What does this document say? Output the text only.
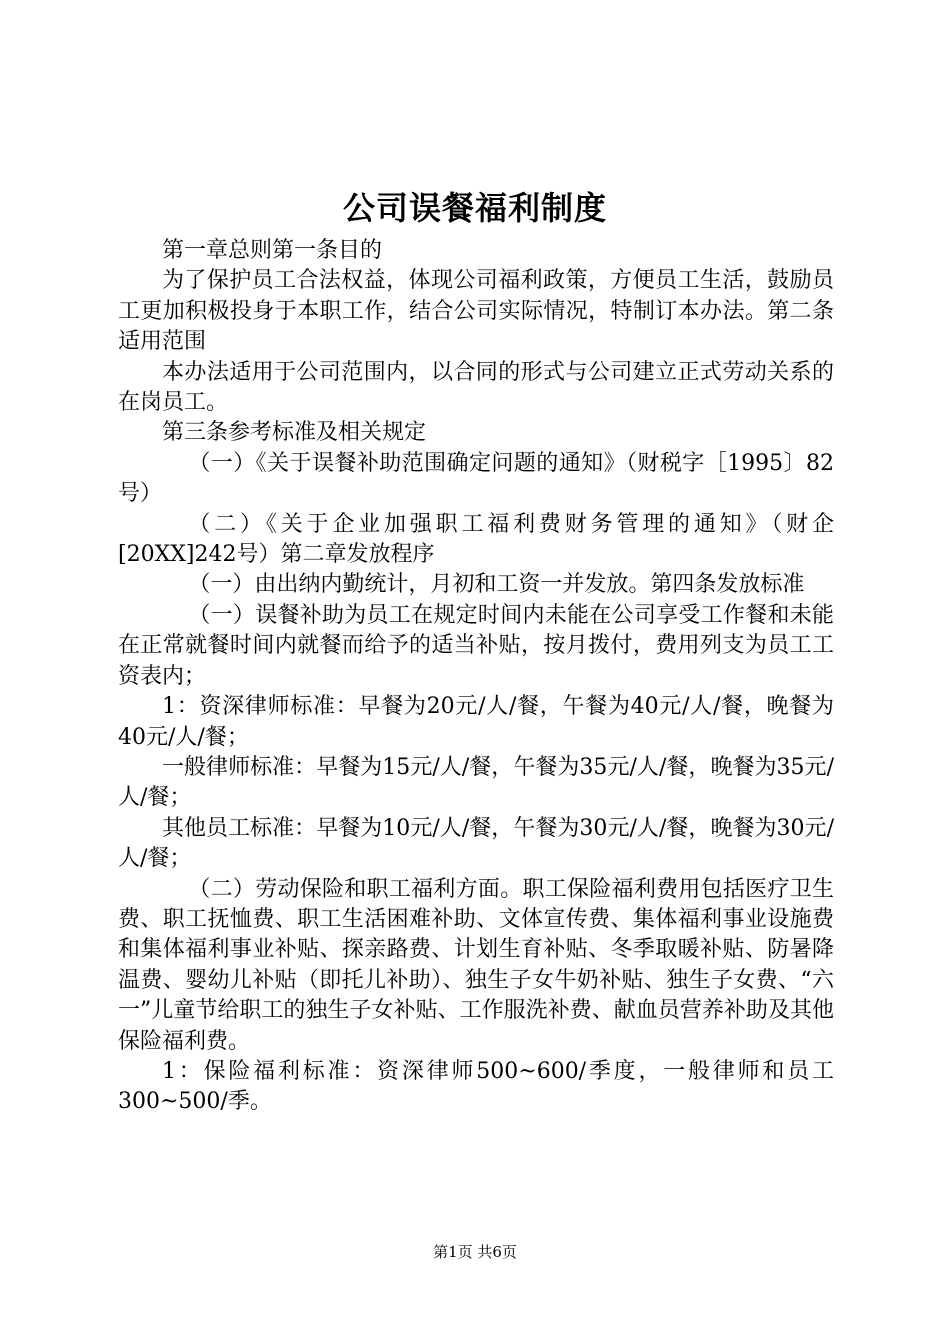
公司误餐福利制度

第一章总则第一条目的

为了保护员工合法权益，体现公司福利政策，方便员工生活，鼓励员工更加积极投身于本职工作，结合公司实际情况，特制订本办法。第二条适用范围

本办法适用于公司范围内，以合同的形式与公司建立正式劳动关系的在岗员工。

第三条参考标准及相关规定

（一）《关于误餐补助范围确定问题的通知》（财税字［1995〕82号）

（二）《关于企业加强职工福利费财务管理的通知》（财企[20XX]242号）第二章发放程序

（一）由出纳内勤统计，月初和工资一并发放。第四条发放标准

（一）误餐补助为员工在规定时间内未能在公司享受工作餐和未能在正常就餐时间内就餐而给予的适当补贴，按月拨付，费用列支为员工工资表内；

1：资深律师标准：早餐为20元/人/餐，午餐为40元/人/餐，晚餐为40元/人/餐；

一般律师标准：早餐为15元/人/餐，午餐为35元/人/餐，晚餐为35元/人/餐；

其他员工标准：早餐为10元/人/餐，午餐为30元/人/餐，晚餐为30元/人/餐；

（二）劳动保险和职工福利方面。职工保险福利费用包括医疗卫生费、职工抚恤费、职工生活困难补助、文体宣传费、集体福利事业设施费和集体福利事业补贴、探亲路费、计划生育补贴、冬季取暖补贴、防暑降温费、婴幼儿补贴（即托儿补助）、独生子女牛奶补贴、独生子女费、“六一”儿童节给职工的独生子女补贴、工作服洗补费、献血员营养补助及其他保险福利费。

1：保险福利标准：资深律师500~600/季度，一般律师和员工300~500/季。

第1页 共6页
